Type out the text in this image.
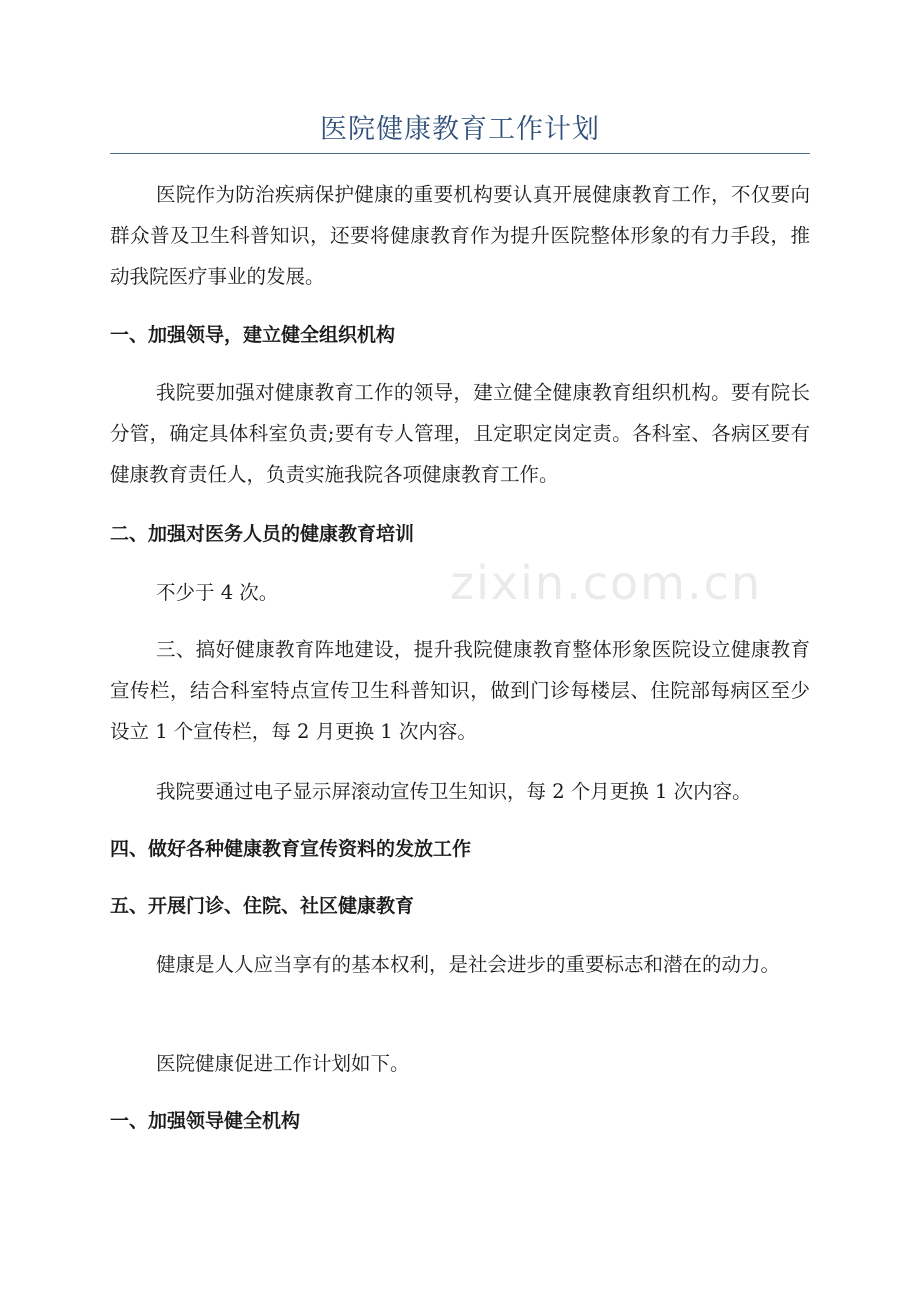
医院健康教育工作计划
医院作为防治疾病保护健康的重要机构要认真开展健康教育工作，不仅要向群众普及卫生科普知识，还要将健康教育作为提升医院整体形象的有力手段，推动我院医疗事业的发展。
一、加强领导，建立健全组织机构
我院要加强对健康教育工作的领导，建立健全健康教育组织机构。要有院长分管，确定具体科室负责;要有专人管理，且定职定岗定责。各科室、各病区要有健康教育责任人，负责实施我院各项健康教育工作。
二、加强对医务人员的健康教育培训
不少于 4 次。
三、搞好健康教育阵地建设，提升我院健康教育整体形象医院设立健康教育宣传栏，结合科室特点宣传卫生科普知识，做到门诊每楼层、住院部每病区至少设立 1 个宣传栏，每 2 月更换 1 次内容。
我院要通过电子显示屏滚动宣传卫生知识，每 2 个月更换 1 次内容。
四、做好各种健康教育宣传资料的发放工作
五、开展门诊、住院、社区健康教育
健康是人人应当享有的基本权利，是社会进步的重要标志和潜在的动力。
医院健康促进工作计划如下。
一、加强领导健全机构
zixin.com.cn
